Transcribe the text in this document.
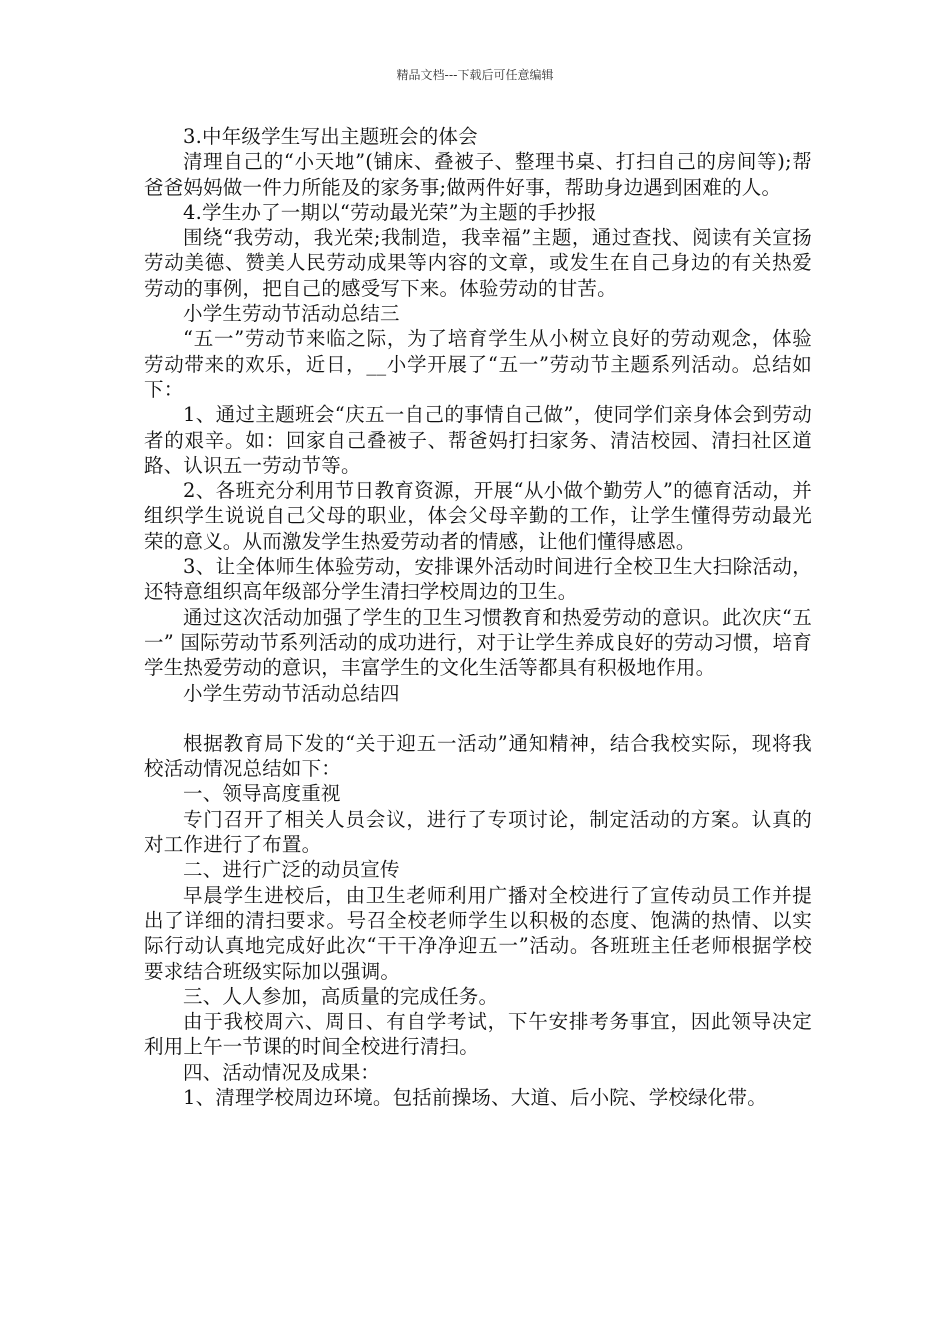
精品文档---下载后可任意编辑

3.中年级学生写出主题班会的体会

清理自己的“小天地”(铺床、叠被子、整理书桌、打扫自己的房间等);帮爸爸妈妈做一件力所能及的家务事;做两件好事，帮助身边遇到困难的人。

4.学生办了一期以“劳动最光荣”为主题的手抄报

围绕“我劳动，我光荣;我制造，我幸福”主题，通过查找、阅读有关宣扬劳动美德、赞美人民劳动成果等内容的文章，或发生在自己身边的有关热爱劳动的事例，把自己的感受写下来。体验劳动的甘苦。

小学生劳动节活动总结三

“五一”劳动节来临之际，为了培育学生从小树立良好的劳动观念，体验劳动带来的欢乐，近日，__小学开展了“五一”劳动节主题系列活动。总结如下：

1、通过主题班会“庆五一自己的事情自己做”，使同学们亲身体会到劳动者的艰辛。如：回家自己叠被子、帮爸妈打扫家务、清洁校园、清扫社区道路、认识五一劳动节等。

2、各班充分利用节日教育资源，开展“从小做个勤劳人”的德育活动，并组织学生说说自己父母的职业，体会父母辛勤的工作，让学生懂得劳动最光荣的意义。从而激发学生热爱劳动者的情感，让他们懂得感恩。

3、让全体师生体验劳动，安排课外活动时间进行全校卫生大扫除活动，还特意组织高年级部分学生清扫学校周边的卫生。

通过这次活动加强了学生的卫生习惯教育和热爱劳动的意识。此次庆“五一” 国际劳动节系列活动的成功进行，对于让学生养成良好的劳动习惯，培育学生热爱劳动的意识，丰富学生的文化生活等都具有积极地作用。

小学生劳动节活动总结四

根据教育局下发的“关于迎五一活动”通知精神，结合我校实际，现将我校活动情况总结如下：

一、领导高度重视

专门召开了相关人员会议，进行了专项讨论，制定活动的方案。认真的对工作进行了布置。

二、进行广泛的动员宣传

早晨学生进校后，由卫生老师利用广播对全校进行了宣传动员工作并提出了详细的清扫要求。号召全校老师学生以积极的态度、饱满的热情、以实际行动认真地完成好此次“干干净净迎五一”活动。各班班主任老师根据学校要求结合班级实际加以强调。

三、人人参加，高质量的完成任务。

由于我校周六、周日、有自学考试，下午安排考务事宜，因此领导决定利用上午一节课的时间全校进行清扫。

四、活动情况及成果：

1、清理学校周边环境。包括前操场、大道、后小院、学校绿化带。
